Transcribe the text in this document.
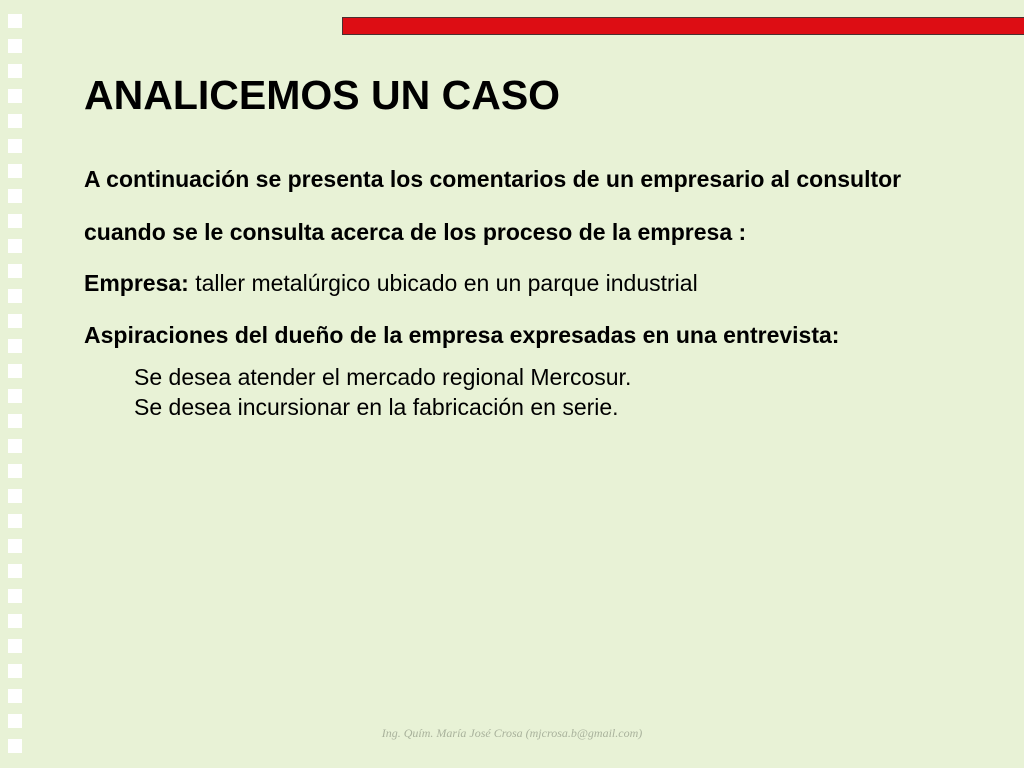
ANALICEMOS UN CASO

A continuación se presenta los comentarios de un empresario al consultor

cuando se le consulta acerca de los proceso de la empresa :

Empresa: taller metalúrgico ubicado en un parque industrial

Aspiraciones del dueño de la empresa expresadas en una entrevista:

Se desea atender el mercado regional Mercosur.

Se desea incursionar en la fabricación en serie.

Ing. Quím. María José Crosa (mjcrosa.b@gmail.com)
